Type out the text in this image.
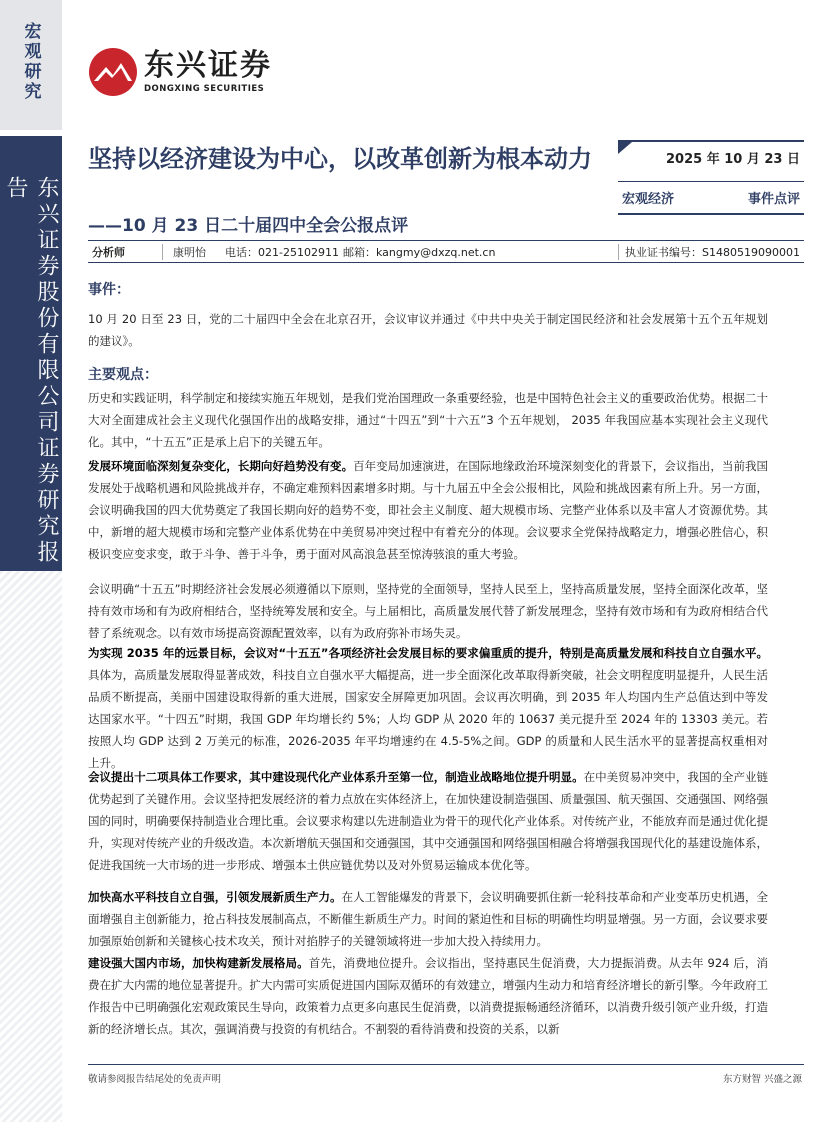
宏观研究
东兴证券股份有限公司证券研究报告
东兴证券
DONGXING SECURITIES
坚持以经济建设为中心，以改革创新为根本动力
——10 月 23 日二十届四中全会公报点评
2025 年 10 月 23 日
宏观经济	事件点评
分析师	康明怡	电话：021-25102911 邮箱：kangmy@dxzq.net.cn	执业证书编号：S1480519090001
事件：

10 月 20 日至 23 日，党的二十届四中全会在北京召开，会议审议并通过《中共中央关于制定国民经济和社会发展第十五个五年规划的建议》。

主要观点：

历史和实践证明，科学制定和接续实施五年规划，是我们党治国理政一条重要经验，也是中国特色社会主义的重要政治优势。根据二十大对全面建成社会主义现代化强国作出的战略安排，通过“十四五”到“十六五”3 个五年规划， 2035 年我国应基本实现社会主义现代化。其中，“十五五”正是承上启下的关键五年。

发展环境面临深刻复杂变化，长期向好趋势没有变。百年变局加速演进，在国际地缘政治环境深刻变化的背景下，会议指出，当前我国发展处于战略机遇和风险挑战并存，不确定难预料因素增多时期。与十九届五中全会公报相比，风险和挑战因素有所上升。另一方面，会议明确我国的四大优势奠定了我国长期向好的趋势不变，即社会主义制度、超大规模市场、完整产业体系以及丰富人才资源优势。其中，新增的超大规模市场和完整产业体系优势在中美贸易冲突过程中有着充分的体现。会议要求全党保持战略定力，增强必胜信心，积极识变应变求变，敢于斗争、善于斗争，勇于面对风高浪急甚至惊涛骇浪的重大考验。

会议明确“十五五”时期经济社会发展必须遵循以下原则，坚持党的全面领导，坚持人民至上，坚持高质量发展，坚持全面深化改革，坚持有效市场和有为政府相结合，坚持统筹发展和安全。与上届相比，高质量发展代替了新发展理念，坚持有效市场和有为政府相结合代替了系统观念。以有效市场提高资源配置效率，以有为政府弥补市场失灵。

为实现 2035 年的远景目标，会议对“十五五”各项经济社会发展目标的要求偏重质的提升，特别是高质量发展和科技自立自强水平。具体为，高质量发展取得显著成效，科技自立自强水平大幅提高，进一步全面深化改革取得新突破，社会文明程度明显提升，人民生活品质不断提高，美丽中国建设取得新的重大进展，国家安全屏障更加巩固。会议再次明确，到 2035 年人均国内生产总值达到中等发达国家水平。“十四五”时期，我国 GDP 年均增长约 5%；人均 GDP 从 2020 年的 10637 美元提升至 2024 年的 13303 美元。若按照人均 GDP 达到 2 万美元的标准，2026-2035 年平均增速约在 4.5-5%之间。GDP 的质量和人民生活水平的显著提高权重相对上升。

会议提出十二项具体工作要求，其中建设现代化产业体系升至第一位，制造业战略地位提升明显。在中美贸易冲突中，我国的全产业链优势起到了关键作用。会议坚持把发展经济的着力点放在实体经济上，在加快建设制造强国、质量强国、航天强国、交通强国、网络强国的同时，明确要保持制造业合理比重。会议要求构建以先进制造业为骨干的现代化产业体系。对传统产业，不能放弃而是通过优化提升，实现对传统产业的升级改造。本次新增航天强国和交通强国，其中交通强国和网络强国相融合将增强我国现代化的基建设施体系，促进我国统一大市场的进一步形成、增强本土供应链优势以及对外贸易运输成本优化等。

加快高水平科技自立自强，引领发展新质生产力。在人工智能爆发的背景下，会议明确要抓住新一轮科技革命和产业变革历史机遇，全面增强自主创新能力，抢占科技发展制高点，不断催生新质生产力。时间的紧迫性和目标的明确性均明显增强。另一方面，会议要求要加强原始创新和关键核心技术攻关，预计对掐脖子的关键领域将进一步加大投入持续用力。

建设强大国内市场，加快构建新发展格局。首先，消费地位提升。会议指出，坚持惠民生促消费，大力提振消费。从去年 924 后，消费在扩大内需的地位显著提升。扩大内需可实质促进国内国际双循环的有效建立，增强内生动力和培育经济增长的新引擎。今年政府工作报告中已明确强化宏观政策民生导向，政策着力点更多向惠民生促消费，以消费提振畅通经济循环，以消费升级引领产业升级，打造新的经济增长点。其次，强调消费与投资的有机结合。不割裂的看待消费和投资的关系，以新

敬请参阅报告结尾处的免责声明	东方财智 兴盛之源
